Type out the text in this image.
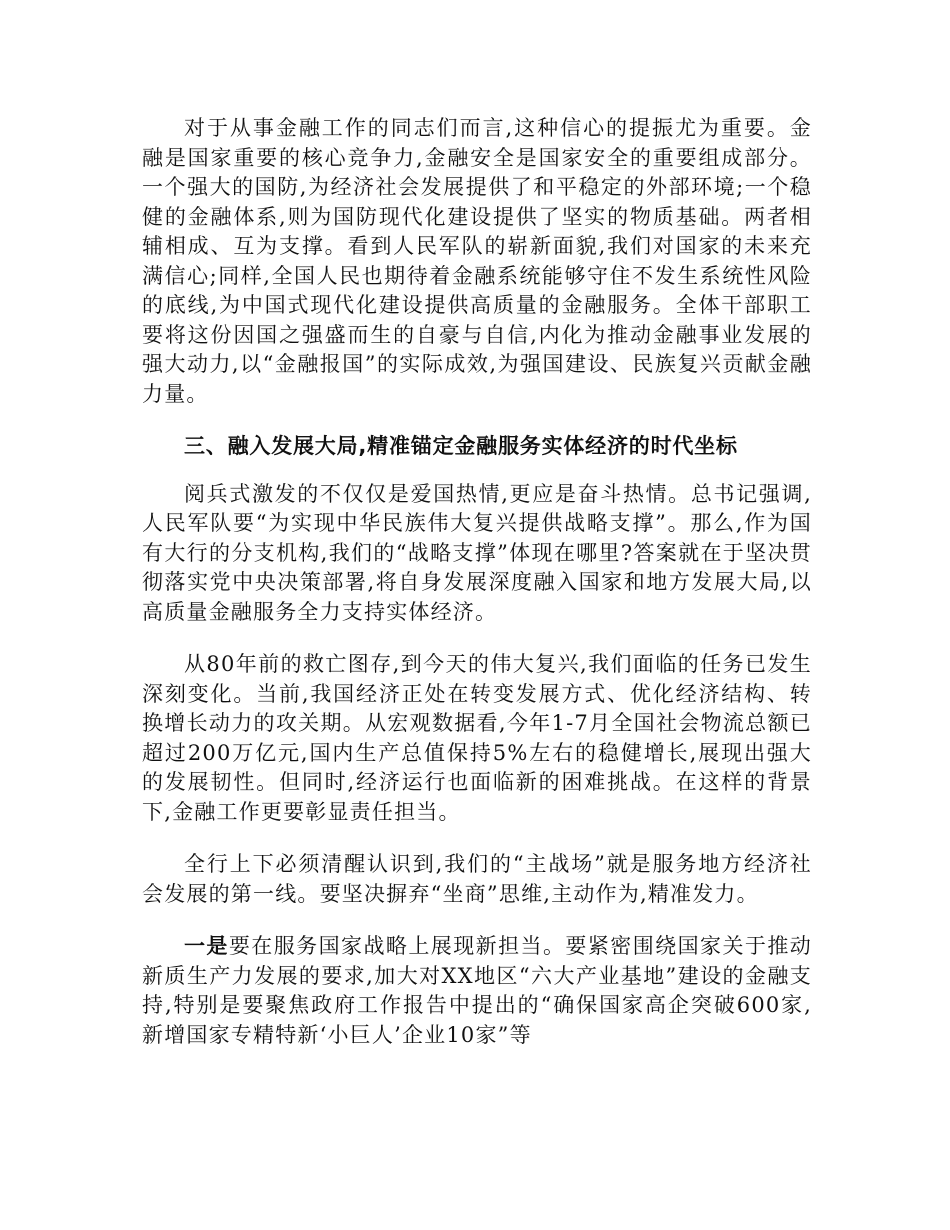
对于从事金融工作的同志们而言,这种信心的提振尤为重要。金融是国家重要的核心竞争力,金融安全是国家安全的重要组成部分。一个强大的国防,为经济社会发展提供了和平稳定的外部环境;一个稳健的金融体系,则为国防现代化建设提供了坚实的物质基础。两者相辅相成、互为支撑。看到人民军队的崭新面貌,我们对国家的未来充满信心;同样,全国人民也期待着金融系统能够守住不发生系统性风险的底线,为中国式现代化建设提供高质量的金融服务。全体干部职工要将这份因国之强盛而生的自豪与自信,内化为推动金融事业发展的强大动力,以“金融报国”的实际成效,为强国建设、民族复兴贡献金融力量。

三、融入发展大局,精准锚定金融服务实体经济的时代坐标

阅兵式激发的不仅仅是爱国热情,更应是奋斗热情。总书记强调,人民军队要“为实现中华民族伟大复兴提供战略支撑”。那么,作为国有大行的分支机构,我们的“战略支撑”体现在哪里?答案就在于坚决贯彻落实党中央决策部署,将自身发展深度融入国家和地方发展大局,以高质量金融服务全力支持实体经济。

从80年前的救亡图存,到今天的伟大复兴,我们面临的任务已发生深刻变化。当前,我国经济正处在转变发展方式、优化经济结构、转换增长动力的攻关期。从宏观数据看,今年1-7月全国社会物流总额已超过200万亿元,国内生产总值保持5%左右的稳健增长,展现出强大的发展韧性。但同时,经济运行也面临新的困难挑战。在这样的背景下,金融工作更要彰显责任担当。

全行上下必须清醒认识到,我们的“主战场”就是服务地方经济社会发展的第一线。要坚决摒弃“坐商”思维,主动作为,精准发力。

一是要在服务国家战略上展现新担当。要紧密围绕国家关于推动新质生产力发展的要求,加大对XX地区“六大产业基地”建设的金融支持,特别是要聚焦政府工作报告中提出的“确保国家高企突破600家,新增国家专精特新‘小巨人’企业10家”等
